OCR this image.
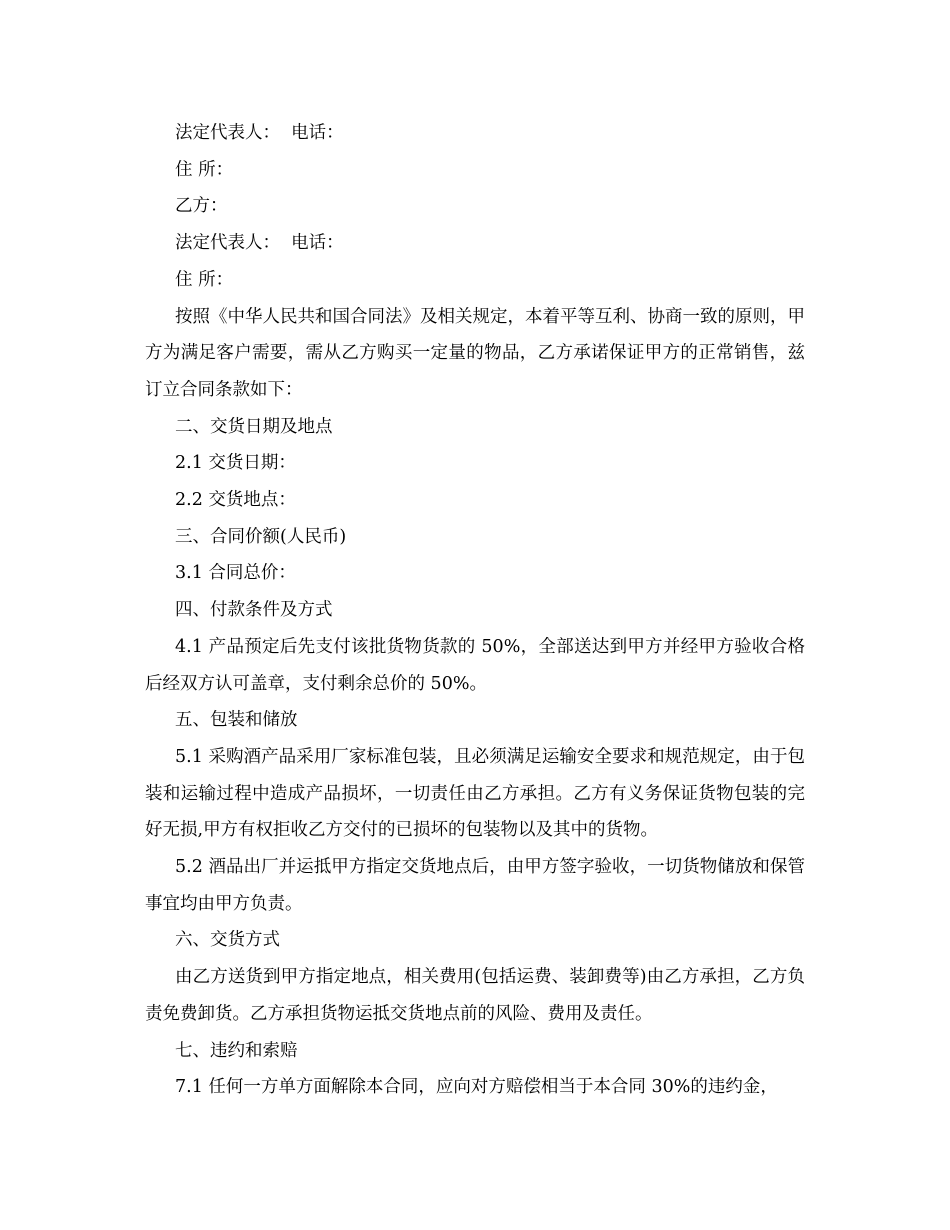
法定代表人：  电话：

住 所：

乙方：

法定代表人：  电话：

住 所：

按照《中华人民共和国合同法》及相关规定，本着平等互利、协商一致的原则，甲方为满足客户需要，需从乙方购买一定量的物品，乙方承诺保证甲方的正常销售，兹订立合同条款如下：

二、交货日期及地点

2.1 交货日期：

2.2 交货地点：

三、合同价额(人民币)

3.1 合同总价：

四、付款条件及方式

4.1 产品预定后先支付该批货物货款的 50%，全部送达到甲方并经甲方验收合格后经双方认可盖章，支付剩余总价的 50%。

五、包装和储放

5.1 采购酒产品采用厂家标准包装，且必须满足运输安全要求和规范规定，由于包装和运输过程中造成产品损坏，一切责任由乙方承担。乙方有义务保证货物包装的完好无损,甲方有权拒收乙方交付的已损坏的包装物以及其中的货物。

5.2 酒品出厂并运抵甲方指定交货地点后，由甲方签字验收，一切货物储放和保管事宜均由甲方负责。

六、交货方式

由乙方送货到甲方指定地点，相关费用(包括运费、装卸费等)由乙方承担，乙方负责免费卸货。乙方承担货物运抵交货地点前的风险、费用及责任。

七、违约和索赔

7.1 任何一方单方面解除本合同，应向对方赔偿相当于本合同 30%的违约金，
